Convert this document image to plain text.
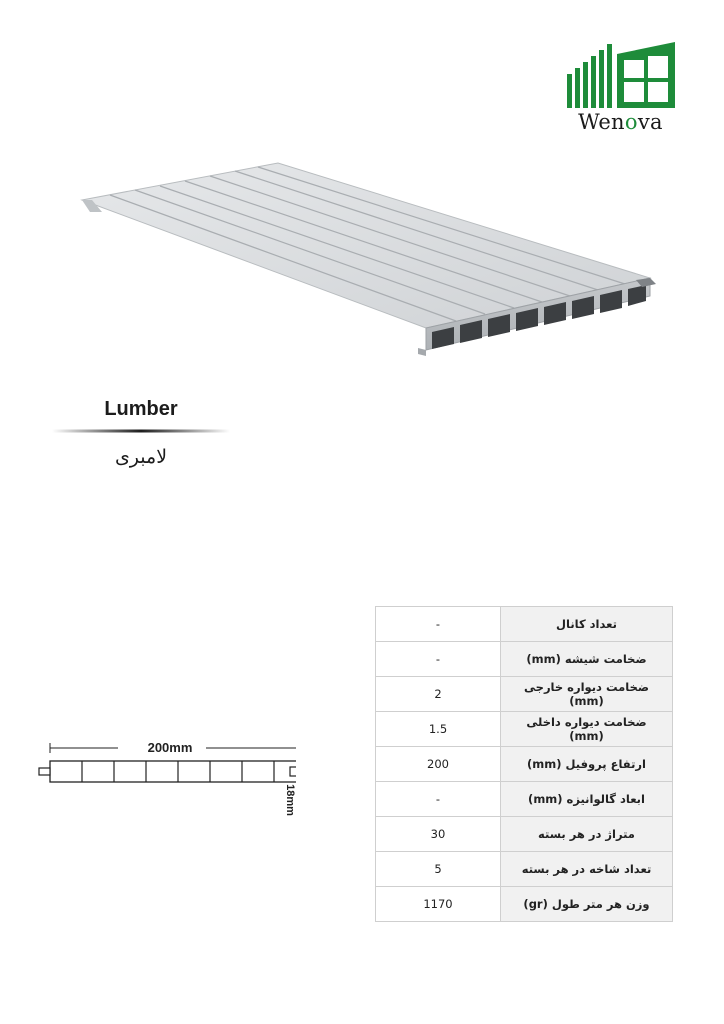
Wenova
Lumber
لامبری
200mm
18mm
-	تعداد کانال
-	ضخامت شیشه (mm)
2	ضخامت دیواره خارجی (mm)
1.5	ضخامت دیواره داخلی (mm)
200	ارتفاع پروفیل (mm)
-	ابعاد گالوانیزه (mm)
30	متراژ در هر بسته
5	تعداد شاخه در هر بسته
1170	وزن هر متر طول (gr)
